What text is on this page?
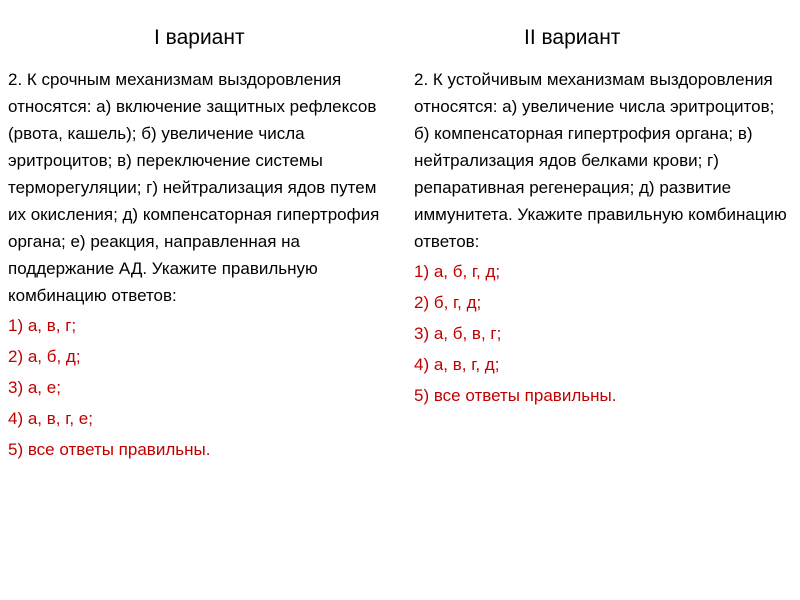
I вариант

2. К срочным механизмам выздоровления относятся: а) включение защитных рефлексов (рвота, кашель); б) увеличение числа эритроцитов; в) переключение системы терморегуляции; г) нейтрализация ядов путем их окисления; д) компенсаторная гипертрофия органа; е) реакция, направленная на поддержание АД. Укажите правильную комбинацию ответов:

1) а, в, г;
2) а, б, д;
3) а, е;
4) а, в, г, е;
5) все ответы правильны.
II вариант

2. К устойчивым механизмам выздоровления относятся: а) увеличение числа эритроцитов; б) компенсаторная гипертрофия органа; в) нейтрализация ядов белками крови; г) репаративная регенерация; д) развитие иммунитета. Укажите правильную комбинацию ответов:

1) а, б, г, д;
2) б, г, д;
3) а, б, в, г;
4) а, в, г, д;
5) все ответы правильны.
